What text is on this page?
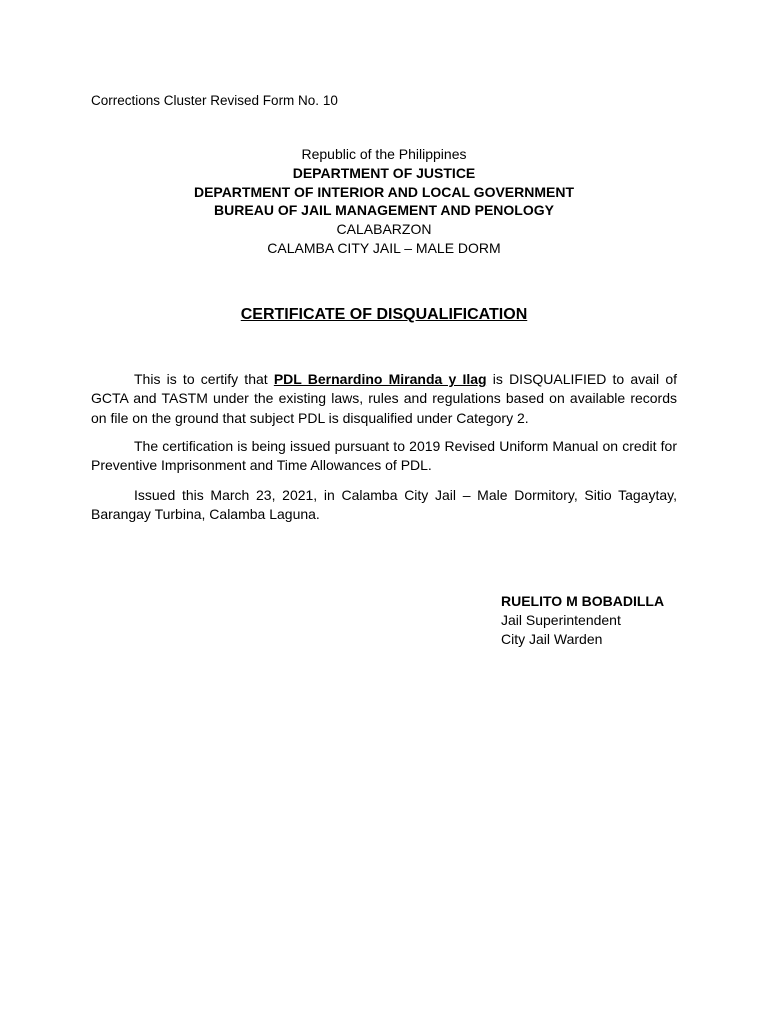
Corrections Cluster Revised Form No. 10
Republic of the Philippines
DEPARTMENT OF JUSTICE
DEPARTMENT OF INTERIOR AND LOCAL GOVERNMENT
BUREAU OF JAIL MANAGEMENT AND PENOLOGY
CALABARZON
CALAMBA CITY JAIL – MALE DORM
CERTIFICATE OF DISQUALIFICATION

This is to certify that PDL Bernardino Miranda y Ilag is DISQUALIFIED to avail of GCTA and TASTM under the existing laws, rules and regulations based on available records on file on the ground that subject PDL is disqualified under Category 2.

The certification is being issued pursuant to 2019 Revised Uniform Manual on credit for Preventive Imprisonment and Time Allowances of PDL.

Issued this March 23, 2021, in Calamba City Jail – Male Dormitory, Sitio Tagaytay, Barangay Turbina, Calamba Laguna.

RUELITO M BOBADILLA
Jail Superintendent
City Jail Warden
